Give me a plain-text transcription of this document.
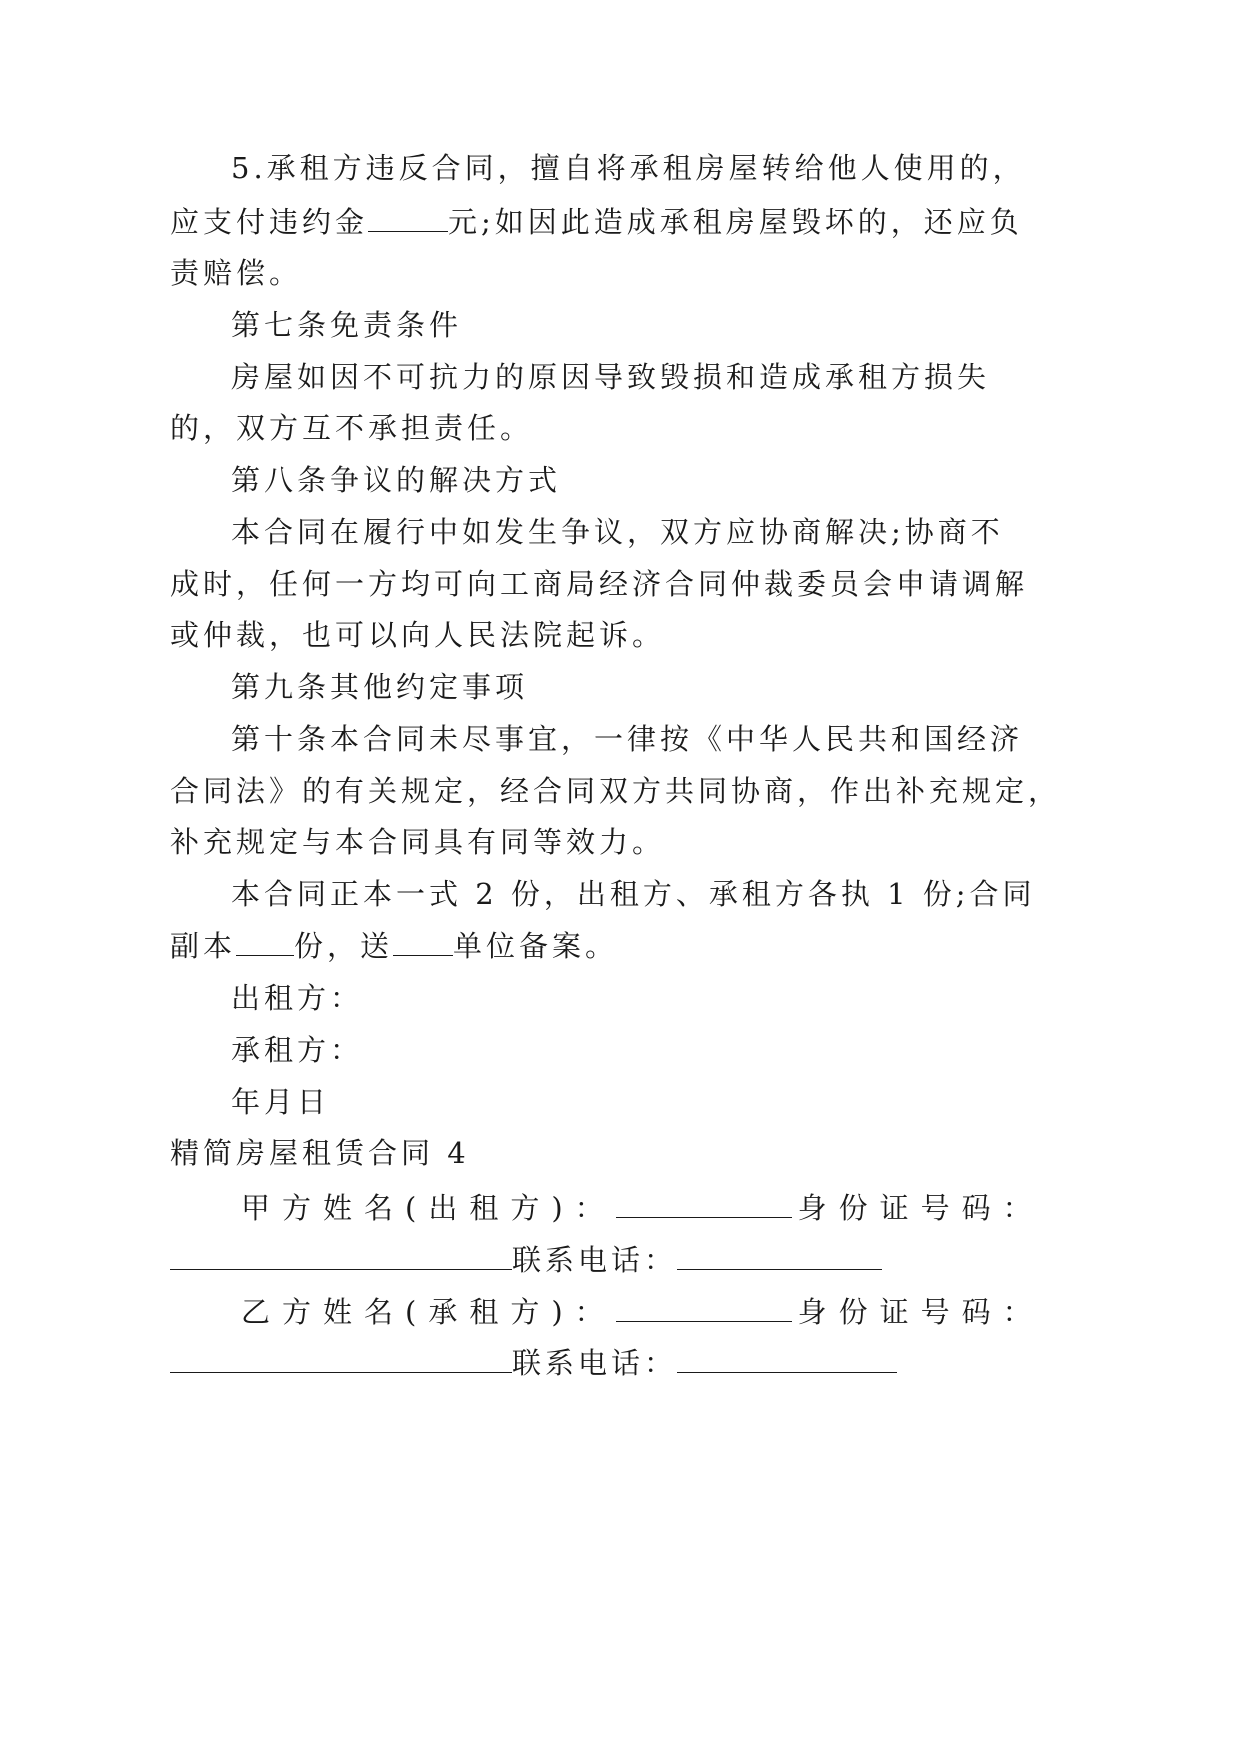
5.承租方违反合同，擅自将承租房屋转给他人使用的，
应支付违约金	元;如因此造成承租房屋毁坏的，还应负
责赔偿。
第七条免责条件
房屋如因不可抗力的原因导致毁损和造成承租方损失
的，双方互不承担责任。
第八条争议的解决方式
本合同在履行中如发生争议，双方应协商解决;协商不
成时，任何一方均可向工商局经济合同仲裁委员会申请调解
或仲裁，也可以向人民法院起诉。
第九条其他约定事项
第十条本合同未尽事宜，一律按《中华人民共和国经济
合同法》的有关规定，经合同双方共同协商，作出补充规定，
补充规定与本合同具有同等效力。
本合同正本一式 2 份，出租方、承租方各执 1 份;合同
副本 份，送 单位备案。
出租方：
承租方：
年月日
精简房屋租赁合同 4
甲方姓名(出租方)：	身份证号码：
联系电话：
乙方姓名(承租方)：	身份证号码：
联系电话：
